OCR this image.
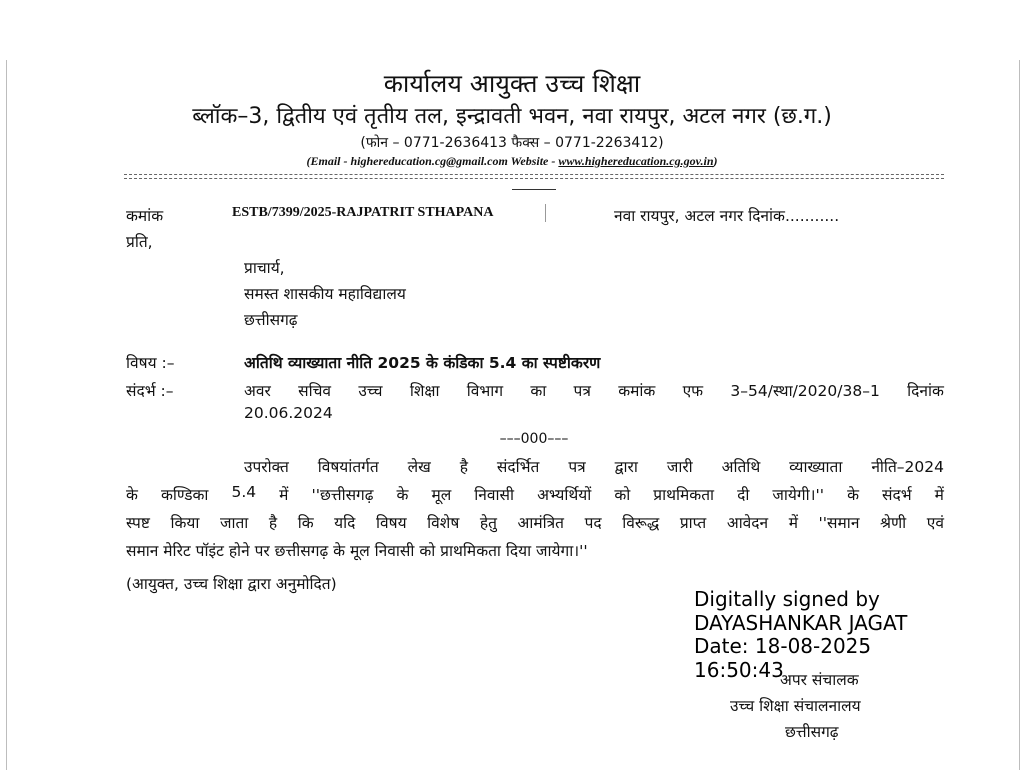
कार्यालय आयुक्त उच्च शिक्षा
ब्लॉक–3, द्वितीय एवं तृतीय तल, इन्द्रावती भवन, नवा रायपुर, अटल नगर (छ.ग.)
(फोन – 0771-2636413 फैक्स – 0771-2263412)
(Email - highereducation.cg@gmail.com Website - www.highereducation.cg.gov.in)
कमांक	ESTB/7399/2025-RAJPATRIT STHAPANA	नवा रायपुर, अटल नगर दिनांक...........
प्रति,
प्राचार्य,
समस्त शासकीय महाविद्यालय
छत्तीसगढ़
विषय :–	अतिथि व्याख्याता नीति 2025 के कंडिका 5.4 का स्पष्टीकरण
संदर्भ :–	अवर सचिव उच्च शिक्षा विभाग का पत्र कमांक एफ 3–54/स्था/2020/38–1 दिनांक
20.06.2024
–––000–––
उपरोक्त विषयांतर्गत लेख है संदर्भित पत्र द्वारा जारी अतिथि व्याख्याता नीति–2024
के कण्डिका 5.4 में ''छत्तीसगढ़ के मूल निवासी अभ्यर्थियों को प्राथमिकता दी जायेगी।'' के संदर्भ में
स्पष्ट किया जाता है कि यदि विषय विशेष हेतु आमंत्रित पद विरूद्ध प्राप्त आवेदन में ''समान श्रेणी एवं
समान मेरिट पॉइंट होने पर छत्तीसगढ़ के मूल निवासी को प्राथमिकता दिया जायेगा।''
(आयुक्त, उच्च शिक्षा द्वारा अनुमोदित)
Digitally signed by
DAYASHANKAR JAGAT
Date: 18-08-2025
16:50:43
अपर संचालक
उच्च शिक्षा संचालनालय
छत्तीसगढ़
